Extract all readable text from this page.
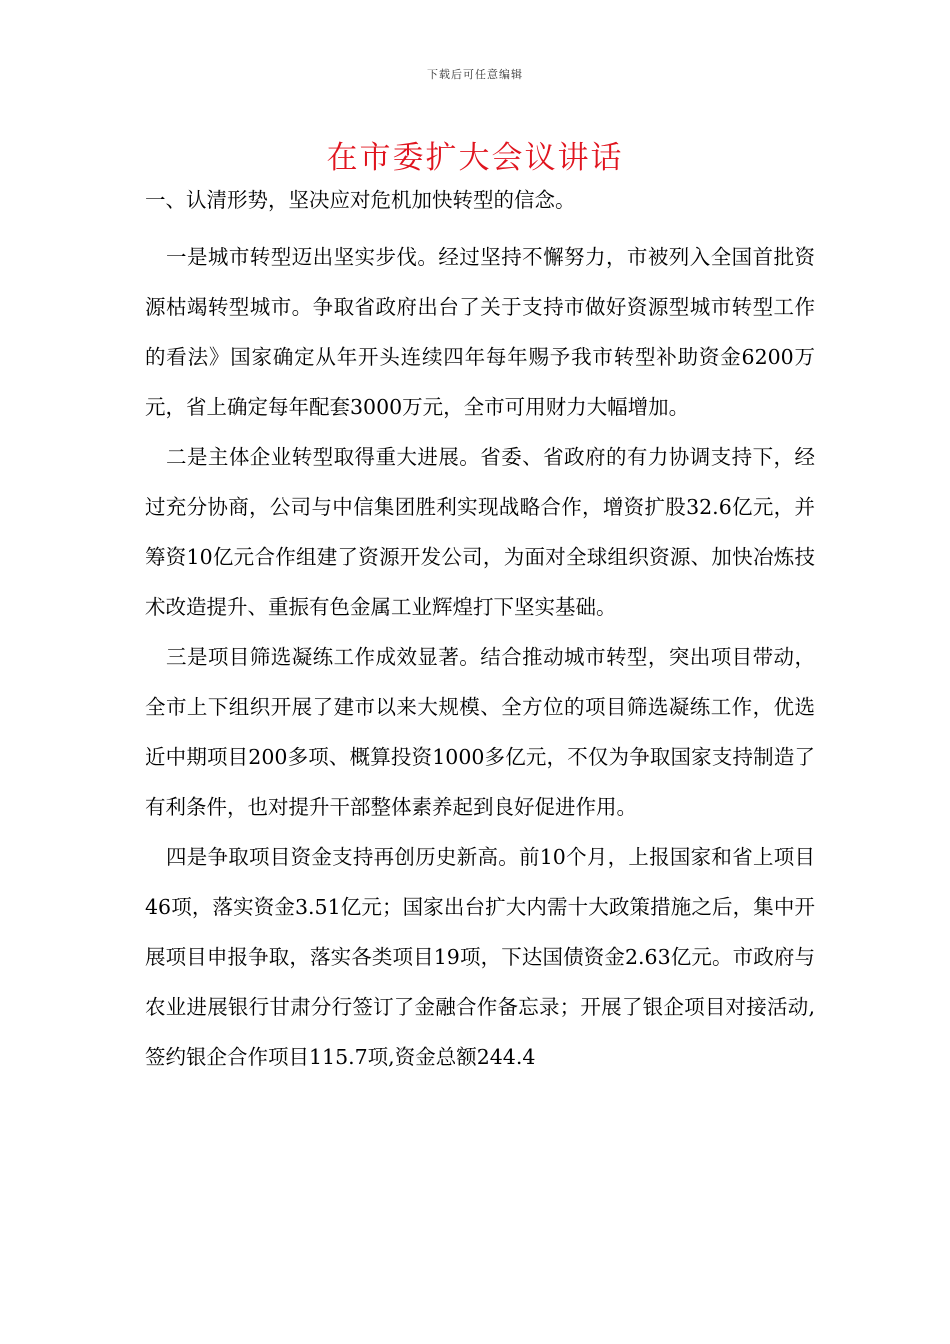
下载后可任意编辑
在市委扩大会议讲话

一、认清形势，坚决应对危机加快转型的信念。

一是城市转型迈出坚实步伐。经过坚持不懈努力，市被列入全国首批资源枯竭转型城市。争取省政府出台了关于支持市做好资源型城市转型工作的看法》国家确定从年开头连续四年每年赐予我市转型补助资金6200万元，省上确定每年配套3000万元，全市可用财力大幅增加。

二是主体企业转型取得重大进展。省委、省政府的有力协调支持下，经过充分协商，公司与中信集团胜利实现战略合作，增资扩股32.6亿元，并筹资10亿元合作组建了资源开发公司，为面对全球组织资源、加快冶炼技术改造提升、重振有色金属工业辉煌打下坚实基础。

三是项目筛选凝练工作成效显著。结合推动城市转型，突出项目带动，全市上下组织开展了建市以来大规模、全方位的项目筛选凝练工作，优选近中期项目200多项、概算投资1000多亿元，不仅为争取国家支持制造了有利条件，也对提升干部整体素养起到良好促进作用。

四是争取项目资金支持再创历史新高。前10个月，上报国家和省上项目46项，落实资金3.51亿元；国家出台扩大内需十大政策措施之后，集中开展项目申报争取，落实各类项目19项，下达国债资金2.63亿元。市政府与农业进展银行甘肃分行签订了金融合作备忘录；开展了银企项目对接活动,签约银企合作项目115.7项,资金总额244.4
